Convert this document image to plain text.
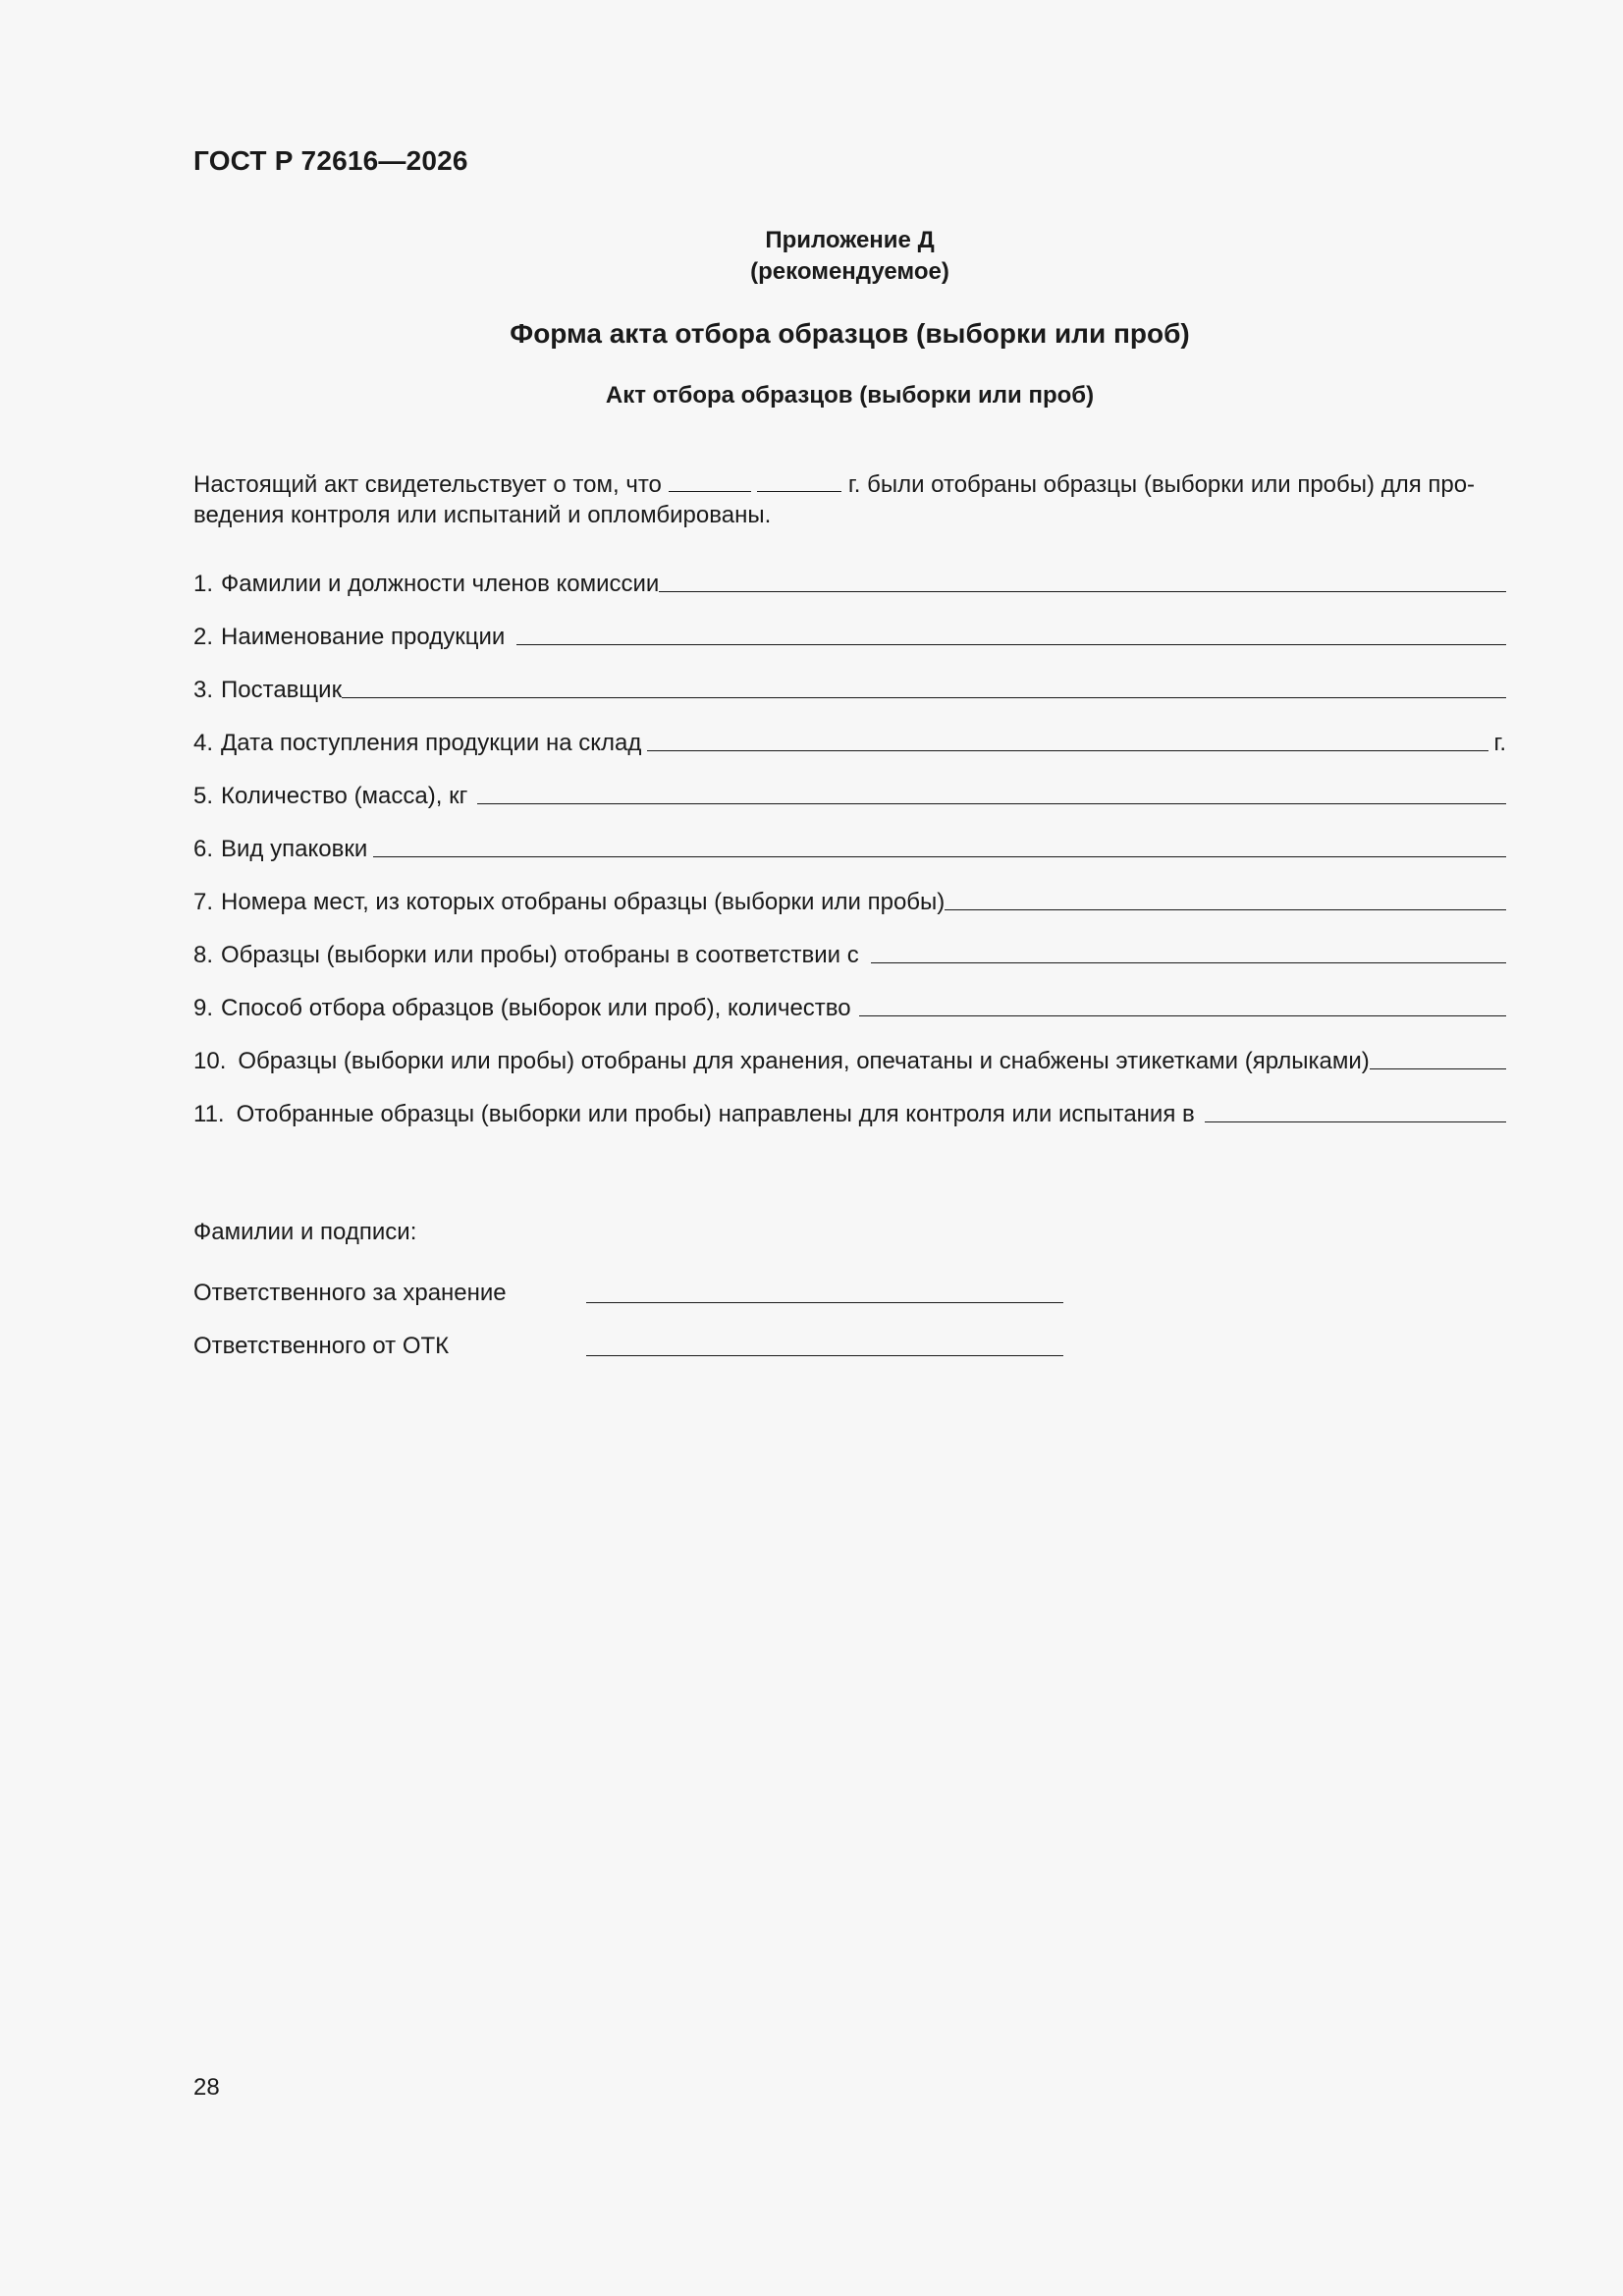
ГОСТ Р 72616—2026
Приложение Д
(рекомендуемое)
Форма акта отбора образцов (выборки или проб)
Акт отбора образцов (выборки или проб)
Настоящий акт свидетельствует о том, что	г. были отобраны образцы (выборки или пробы) для про-
ведения контроля или испытаний и опломбированы.
1. Фамилии и должности членов комиссии
2. Наименование продукции
3. Поставщик
4. Дата поступления продукции на склад	г.
5. Количество (масса), кг
6. Вид упаковки
7. Номера мест, из которых отобраны образцы (выборки или пробы)
8. Образцы (выборки или пробы) отобраны в соответствии с
9. Способ отбора образцов (выборок или проб), количество
10. Образцы (выборки или пробы) отобраны для хранения, опечатаны и снабжены этикетками (ярлыками)
11. Отобранные образцы (выборки или пробы) направлены для контроля или испытания в
Фамилии и подписи:
Ответственного за хранение
Ответственного от ОТК
28
